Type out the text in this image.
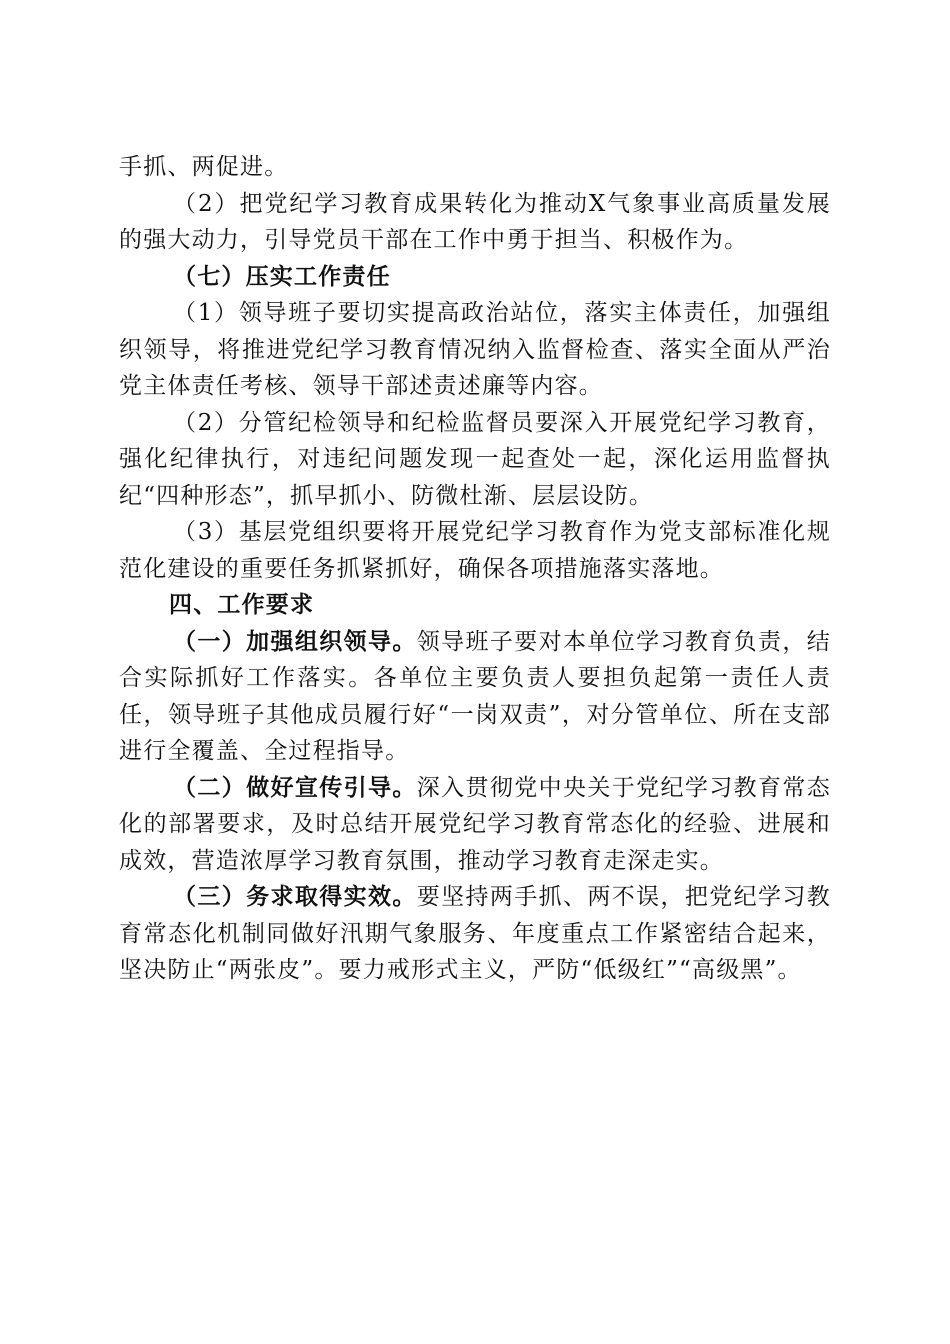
手抓、两促进。

（2）把党纪学习教育成果转化为推动X气象事业高质量发展的强大动力，引导党员干部在工作中勇于担当、积极作为。

（七）压实工作责任

（1）领导班子要切实提高政治站位，落实主体责任，加强组织领导，将推进党纪学习教育情况纳入监督检查、落实全面从严治党主体责任考核、领导干部述责述廉等内容。

（2）分管纪检领导和纪检监督员要深入开展党纪学习教育，强化纪律执行，对违纪问题发现一起查处一起，深化运用监督执纪“四种形态”，抓早抓小、防微杜渐、层层设防。

（3）基层党组织要将开展党纪学习教育作为党支部标准化规范化建设的重要任务抓紧抓好，确保各项措施落实落地。

四、工作要求

（一）加强组织领导。领导班子要对本单位学习教育负责，结合实际抓好工作落实。各单位主要负责人要担负起第一责任人责任，领导班子其他成员履行好“一岗双责”，对分管单位、所在支部进行全覆盖、全过程指导。

（二）做好宣传引导。深入贯彻党中央关于党纪学习教育常态化的部署要求，及时总结开展党纪学习教育常态化的经验、进展和成效，营造浓厚学习教育氛围，推动学习教育走深走实。

（三）务求取得实效。要坚持两手抓、两不误，把党纪学习教育常态化机制同做好汛期气象服务、年度重点工作紧密结合起来，坚决防止“两张皮”。要力戒形式主义，严防“低级红”“高级黑”。
